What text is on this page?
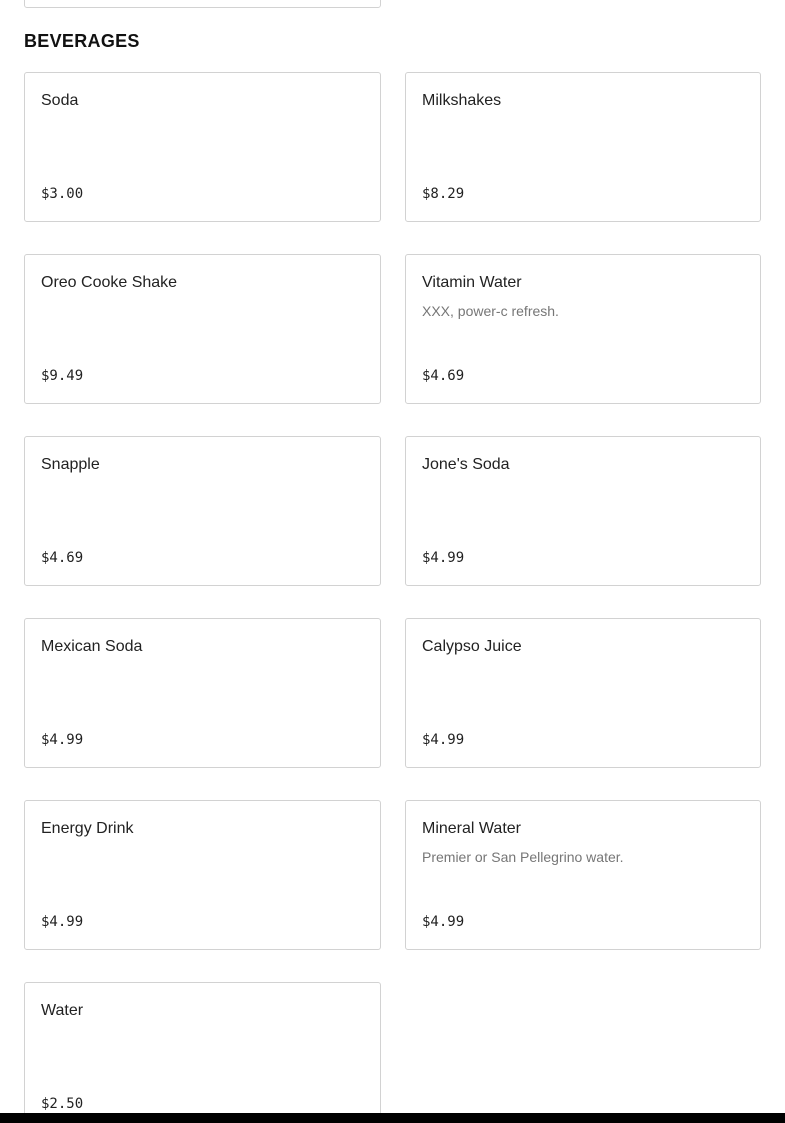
BEVERAGES
Soda
$3.00
Milkshakes
$8.29
Oreo Cooke Shake
$9.49
Vitamin Water
XXX, power-c refresh.
$4.69
Snapple
$4.69
Jone's Soda
$4.99
Mexican Soda
$4.99
Calypso Juice
$4.99
Energy Drink
$4.99
Mineral Water
Premier or San Pellegrino water.
$4.99
Water
$2.50
